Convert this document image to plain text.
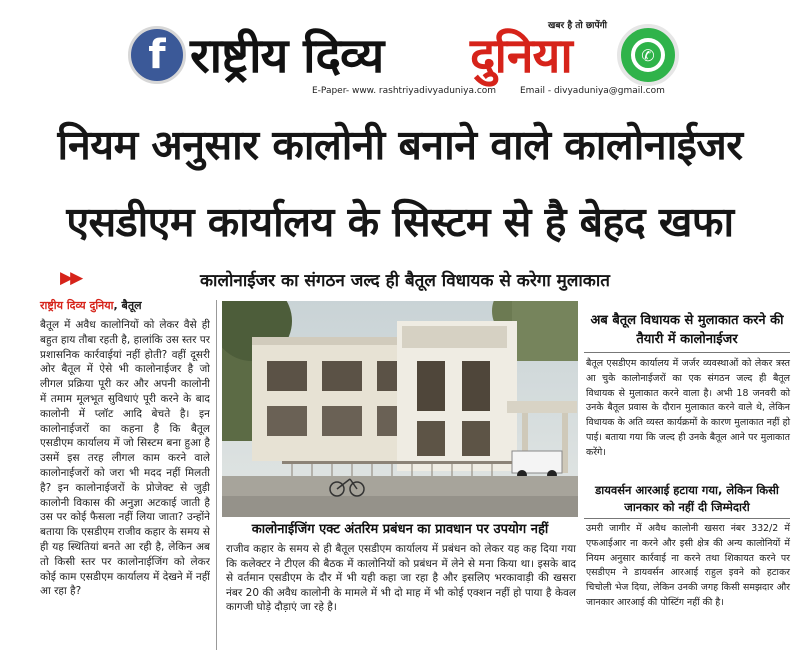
f राष्ट्रीय दिव्य दुनिया
खबर है तो छापेंगी
✆
E-Paper- www. rashtriyadivyaduniya.com	Email - divyaduniya@gmail.com
नियम अनुसार कालोनी बनाने वाले कालोनाईजर
एसडीएम कार्यालय के सिस्टम से है बेहद खफा
▶▶	कालोनाईजर का संगठन जल्द ही बैतूल विधायक से करेगा मुलाकात
राष्ट्रीय दिव्य दुनिया, बैतूल
बैतूल में अवैध कालोनियों को लेकर वैसे ही बहुत हाय तौबा रहती है, हालांकि उस स्तर पर प्रशासनिक कार्रवाईयां नहीं होती? वहीं दूसरी ओर बैतूल में ऐसे भी कालोनाईजर है जो लीगल प्रक्रिया पूरी कर और अपनी कालोनी में तमाम मूलभूत सुविधाएं पूरी करने के बाद कालोनी में प्लॉट आदि बेचते है। इन कालोनाईजरों का कहना है कि बैतूल एसडीएम कार्यालय में जो सिस्टम बना हुआ है उसमें इस तरह लीगल काम करने वाले कालोनाईजरों को जरा भी मदद नहीं मिलती है? इन कालोनाईजरों के प्रोजेक्ट से जुड़ी कालोनी विकास की अनुज्ञा अटकाई जाती है उस पर कोई फैसला नहीं लिया जाता? उन्होंने बताया कि एसडीएम राजीव कहार के समय से ही यह स्थितियां बनते आ रही है, लेकिन अब तो किसी स्तर पर कालोनाईजिंग को लेकर कोई काम एसडीएम कार्यालय में देखने में नहीं आ रहा है?
कालोनाईजिंग एक्ट अंतरिम प्रबंधन का प्रावधान पर उपयोग नहीं
राजीव कहार के समय से ही बैतूल एसडीएम कार्यालय में प्रबंधन को लेकर यह कह दिया गया कि कलेक्टर ने टीएल की बैठक में कालोनियों को प्रबंधन में लेने से मना किया था। इसके बाद से वर्तमान एसडीएम के दौर में भी यही कहा जा रहा है और इसलिए भरकावाड़ी की खसरा नंबर 20 की अवैध कालोनी के मामले में भी दो माह में भी कोई एक्शन नहीं हो पाया है केवल कागजी घोड़े दौड़ाएं जा रहे है।
अब बैतूल विधायक से मुलाकात करने की तैयारी में कालोनाईजर
बैतूल एसडीएम कार्यालय में जर्जर व्यवस्थाओं को लेकर त्रस्त आ चुके कालोनाईजरों का एक संगठन जल्द ही बैतूल विधायक से मुलाकात करने वाला है। अभी 18 जनवरी को उनके बैतूल प्रवास के दौरान मुलाकात करने वाले थे, लेकिन विधायक के अति व्यस्त कार्यक्रमों के कारण मुलाकात नहीं हो पाई। बताया गया कि जल्द ही उनके बैतूल आने पर मुलाकात करेंगे।
डायवर्सन आरआई हटाया गया, लेकिन किसी जानकार को नहीं दी जिम्मेदारी
उमरी जागीर में अवैध कालोनी खसरा नंबर 332/2 में एफआईआर ना करने और इसी क्षेत्र की अन्य कालोनियों में नियम अनुसार कार्रवाई ना करने तथा शिकायत करने पर एसडीएम ने डायवर्सन आरआई राहुल इवने को हटाकर चिचोली भेज दिया, लेकिन उनकी जगह किसी समझदार और जानकार आरआई की पोस्टिंग नहीं की है।
